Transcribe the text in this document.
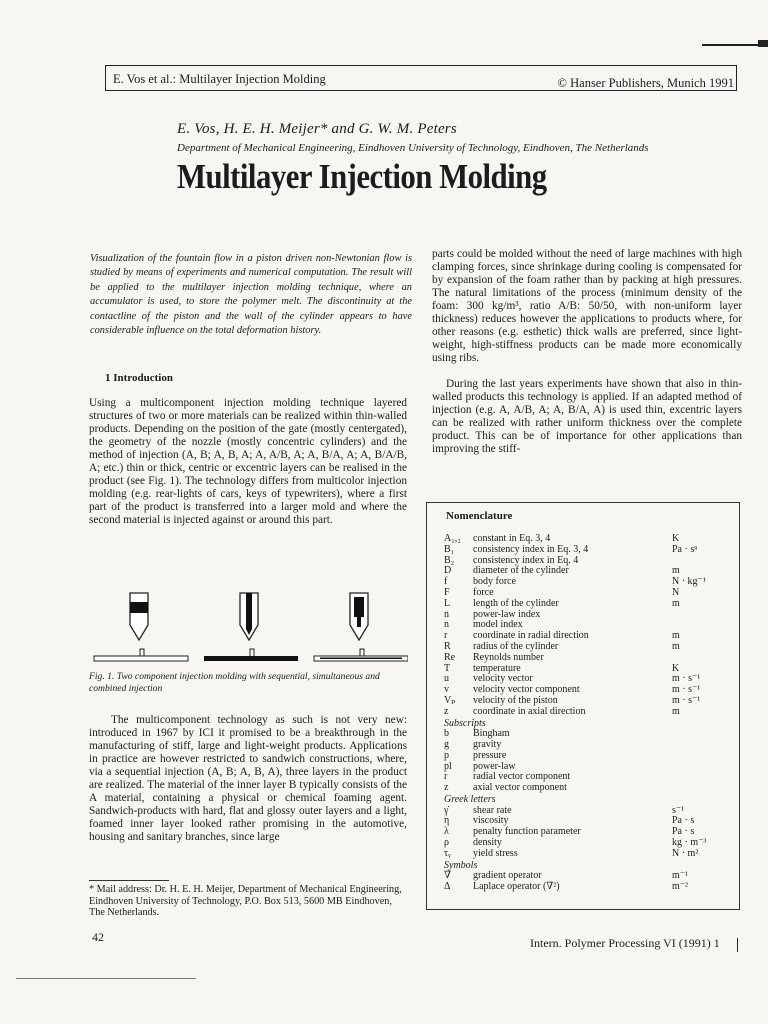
E. Vos et al.: Multilayer Injection Molding	© Hanser Publishers, Munich 1991
E. Vos, H. E. H. Meijer* and G. W. M. Peters
Department of Mechanical Engineering, Eindhoven University of Technology, Eindhoven, The Netherlands
Multilayer Injection Molding
Visualization of the fountain flow in a piston driven non-Newtonian flow is studied by means of experiments and numerical computation. The result will be applied to the multilayer injection molding technique, where an accumulator is used, to store the polymer melt. The discontinuity at the contactline of the piston and the wall of the cylinder appears to have considerable influence on the total deformation history.
1 Introduction
Using a multicomponent injection molding technique layered structures of two or more materials can be realized within thin-walled products. Depending on the position of the gate (mostly centergated), the geometry of the nozzle (mostly concentric cylinders) and the method of injection (A, B; A, B, A; A, A/B, A; A, B/A, A; A, B/A/B, A; etc.) thin or thick, centric or excentric layers can be realised in the product (see Fig. 1). The technology differs from multicolor injection molding (e.g. rear-lights of cars, keys of typewriters), where a first part of the product is transferred into a larger mold and where the second material is injected against or around this part.
Fig. 1. Two component injection molding with sequential, simultaneous and combined injection
The multicomponent technology as such is not very new: introduced in 1967 by ICI it promised to be a breakthrough in the manufacturing of stiff, large and light-weight products. Applications in practice are however restricted to sandwich constructions, where, via a sequential injection (A, B; A, B, A), three layers in the product are realized. The material of the inner layer B typically consists of the A material, containing a physical or chemical foaming agent. Sandwich-products with hard, flat and glossy outer layers and a light, foamed inner layer looked rather promising in the automotive, housing and sanitary branches, since large
* Mail address: Dr. H. E. H. Meijer, Department of Mechanical Engineering, Eindhoven University of Technology, P.O. Box 513, 5600 MB Eindhoven, The Netherlands.
parts could be molded without the need of large machines with high clamping forces, since shrinkage during cooling is compensated for by expansion of the foam rather than by packing at high pressures. The natural limitations of the process (minimum density of the foam: 300 kg/m³, ratio A/B: 50/50, with non-uniform layer thickness) reduces however the applications to products where, for other reasons (e.g. esthetic) thick walls are preferred, since light-weight, high-stiffness products can be made more economically using ribs.
During the last years experiments have shown that also in thin-walled products this technology is applied. If an adapted method of injection (e.g. A, A/B, A; A, B/A, A) is used thin, excentric layers can be realized with rather uniform thickness over the complete product. This can be of importance for other applications than improving the stiff-
Nomenclature
A₁,₂ constant in Eq. 3, 4	K
B₁ consistency index in Eq. 3, 4	Pa · sⁿ
B₂ consistency index in Eq. 4
D diameter of the cylinder	m
f	body force	N · kg⁻¹
F force	N
L length of the cylinder	m
n power-law index
n model index
r	coordinate in radial direction	m
R radius of the cylinder	m
Re Reynolds number
T temperature	K
u velocity vector	m · s⁻¹
v velocity vector component	m · s⁻¹
Vₚ velocity of the piston	m · s⁻¹
z coordinate in axial direction	m
Subscripts
b Bingham
g gravity
p pressure
pl power-law
r	radial vector component
z axial vector component
Greek letters
γ̇ shear rate	s⁻¹
η viscosity	Pa · s
λ penalty function parameter	Pa · s
ρ density	kg · m⁻³
τᵧ yield stress	N · m²
Symbols
∇ gradient operator	m⁻¹
Δ Laplace operator (∇²)	m⁻²
42	Intern. Polymer Processing VI (1991) 1
